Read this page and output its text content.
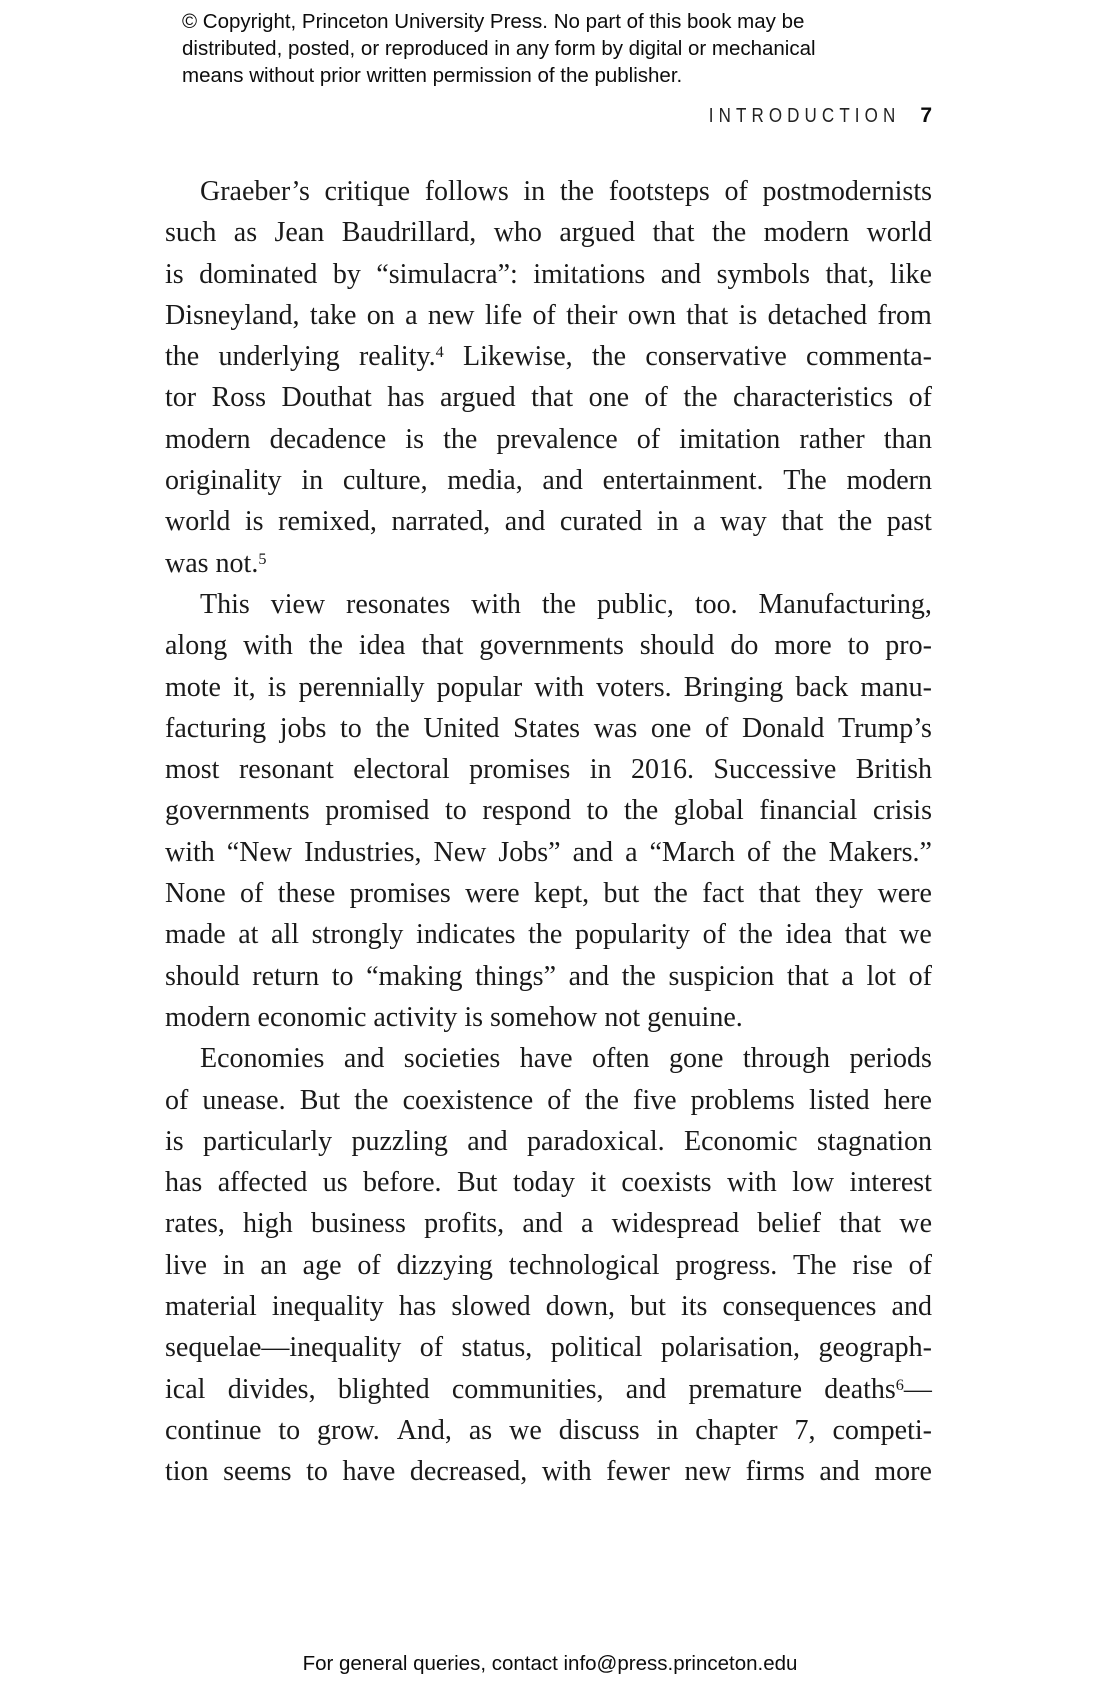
© Copyright, Princeton University Press. No part of this book may be
distributed, posted, or reproduced in any form by digital or mechanical
means without prior written permission of the publisher.
INTRODUCTION 7
Graeber’s critique follows in the footsteps of postmodernists
such as Jean Baudrillard, who argued that the modern world
is dominated by “simulacra”: imitations and symbols that, like
Disneyland, take on a new life of their own that is detached from
the underlying reality.$^4$ Likewise, the conservative commenta-
tor Ross Douthat has argued that one of the characteristics of
modern decadence is the prevalence of imitation rather than
originality in culture, media, and entertainment. The modern
world is remixed, narrated, and curated in a way that the past
was not.$^5$
This view resonates with the public, too. Manufacturing,
along with the idea that governments should do more to pro-
mote it, is perennially popular with voters. Bringing back manu-
facturing jobs to the United States was one of Donald Trump’s
most resonant electoral promises in 2016. Successive British
governments promised to respond to the global financial crisis
with “New Industries, New Jobs” and a “March of the Makers.”
None of these promises were kept, but the fact that they were
made at all strongly indicates the popularity of the idea that we
should return to “making things” and the suspicion that a lot of
modern economic activity is somehow not genuine.
Economies and societies have often gone through periods
of unease. But the coexistence of the five problems listed here
is particularly puzzling and paradoxical. Economic stagnation
has affected us before. But today it coexists with low interest
rates, high business profits, and a widespread belief that we
live in an age of dizzying technological progress. The rise of
material inequality has slowed down, but its consequences and
sequelae—inequality of status, political polarisation, geograph-
ical divides, blighted communities, and premature deaths$^6$—
continue to grow. And, as we discuss in chapter 7, competi-
tion seems to have decreased, with fewer new firms and more
For general queries, contact info@press.princeton.edu
